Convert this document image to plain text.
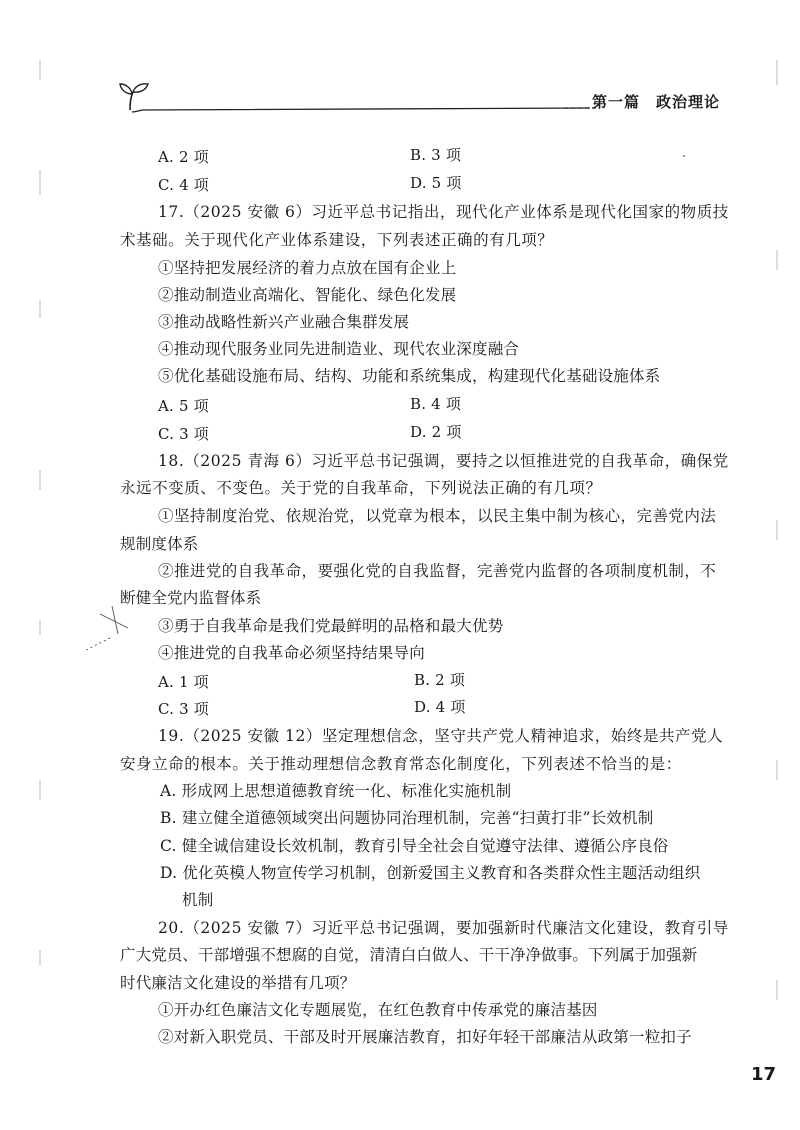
第一篇　政治理论
A. 2 项	B. 3 项
C. 4 项	D. 5 项
17.（2025 安徽 6）习近平总书记指出，现代化产业体系是现代化国家的物质技
术基础。关于现代化产业体系建设，下列表述正确的有几项？
①坚持把发展经济的着力点放在国有企业上
②推动制造业高端化、智能化、绿色化发展
③推动战略性新兴产业融合集群发展
④推动现代服务业同先进制造业、现代农业深度融合
⑤优化基础设施布局、结构、功能和系统集成，构建现代化基础设施体系
A. 5 项	B. 4 项
C. 3 项	D. 2 项
18.（2025 青海 6）习近平总书记强调，要持之以恒推进党的自我革命，确保党
永远不变质、不变色。关于党的自我革命，下列说法正确的有几项？
①坚持制度治党、依规治党，以党章为根本，以民主集中制为核心，完善党内法
规制度体系
②推进党的自我革命，要强化党的自我监督，完善党内监督的各项制度机制，不
断健全党内监督体系
③勇于自我革命是我们党最鲜明的品格和最大优势
④推进党的自我革命必须坚持结果导向
A. 1 项	B. 2 项
C. 3 项	D. 4 项
19.（2025 安徽 12）坚定理想信念，坚守共产党人精神追求，始终是共产党人
安身立命的根本。关于推动理想信念教育常态化制度化，下列表述不恰当的是：
A. 形成网上思想道德教育统一化、标准化实施机制
B. 建立健全道德领域突出问题协同治理机制，完善“扫黄打非”长效机制
C. 健全诚信建设长效机制，教育引导全社会自觉遵守法律、遵循公序良俗
D. 优化英模人物宣传学习机制，创新爱国主义教育和各类群众性主题活动组织
机制
20.（2025 安徽 7）习近平总书记强调，要加强新时代廉洁文化建设，教育引导
广大党员、干部增强不想腐的自觉，清清白白做人、干干净净做事。下列属于加强新
时代廉洁文化建设的举措有几项？
①开办红色廉洁文化专题展览，在红色教育中传承党的廉洁基因
②对新入职党员、干部及时开展廉洁教育，扣好年轻干部廉洁从政第一粒扣子
17
